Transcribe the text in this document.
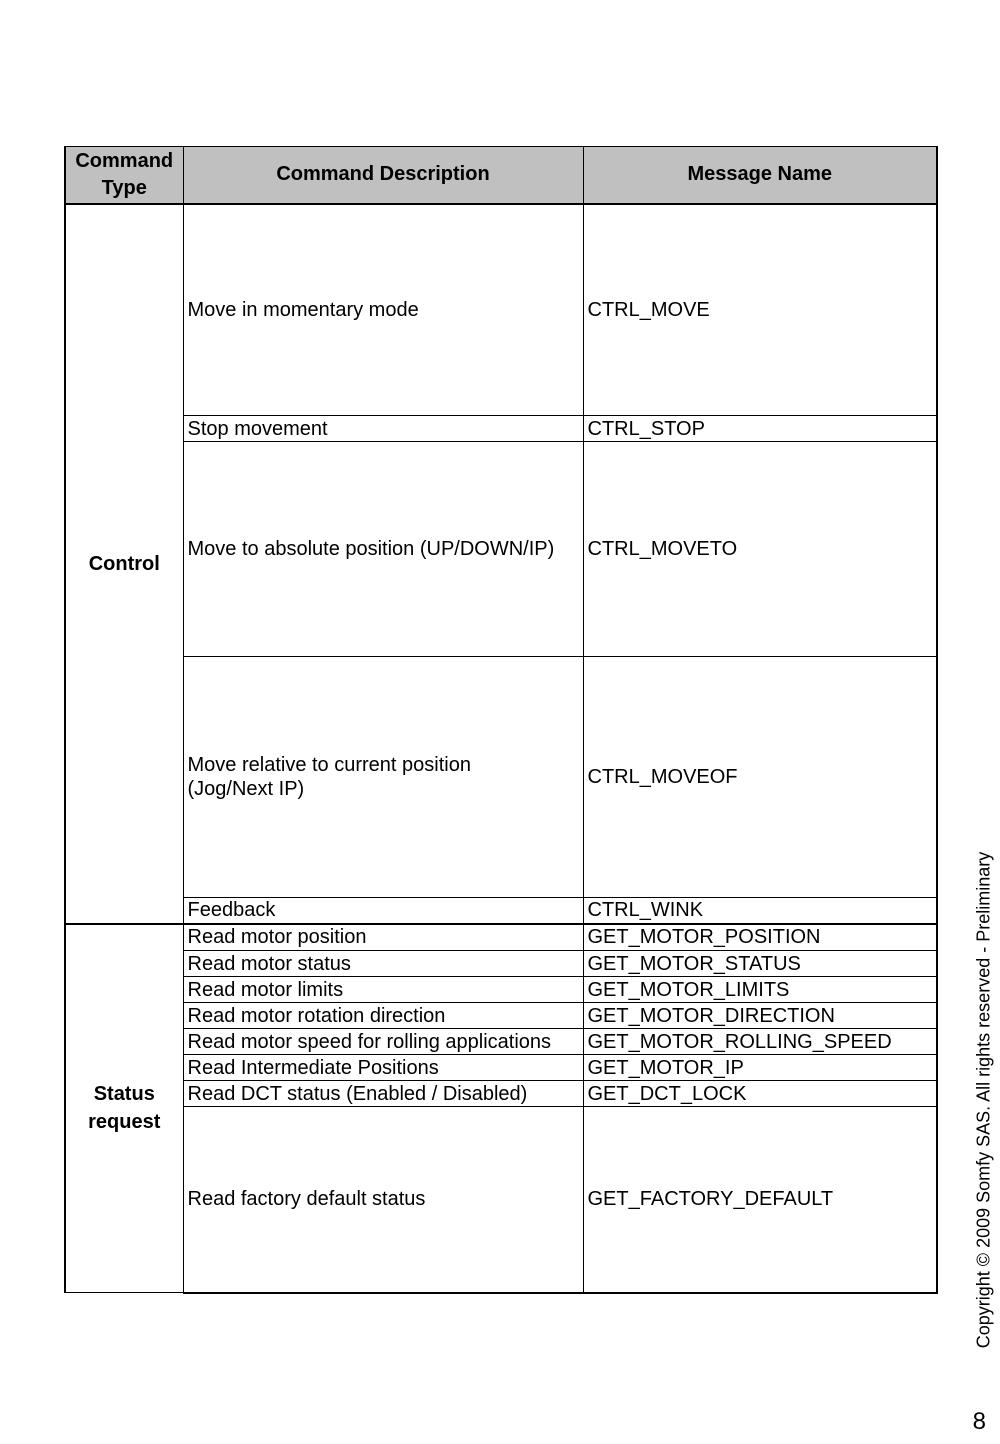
Command Type	Command Description	Message Name
Control	Move in momentary mode	CTRL_MOVE
	Stop movement	CTRL_STOP
	Move to absolute position (UP/DOWN/IP)	CTRL_MOVETO
	Move relative to current position (Jog/Next IP)	CTRL_MOVEOF
	Feedback	CTRL_WINK
Status request	Read motor position	GET_MOTOR_POSITION
	Read motor status	GET_MOTOR_STATUS
	Read motor limits	GET_MOTOR_LIMITS
	Read motor rotation direction	GET_MOTOR_DIRECTION
	Read motor speed for rolling applications	GET_MOTOR_ROLLING_SPEED
	Read Intermediate Positions	GET_MOTOR_IP
	Read DCT status (Enabled / Disabled)	GET_DCT_LOCK
	Read factory default status	GET_FACTORY_DEFAULT	Copyright © 2009 Somfy SAS. All rights reserved - Preliminary
8
